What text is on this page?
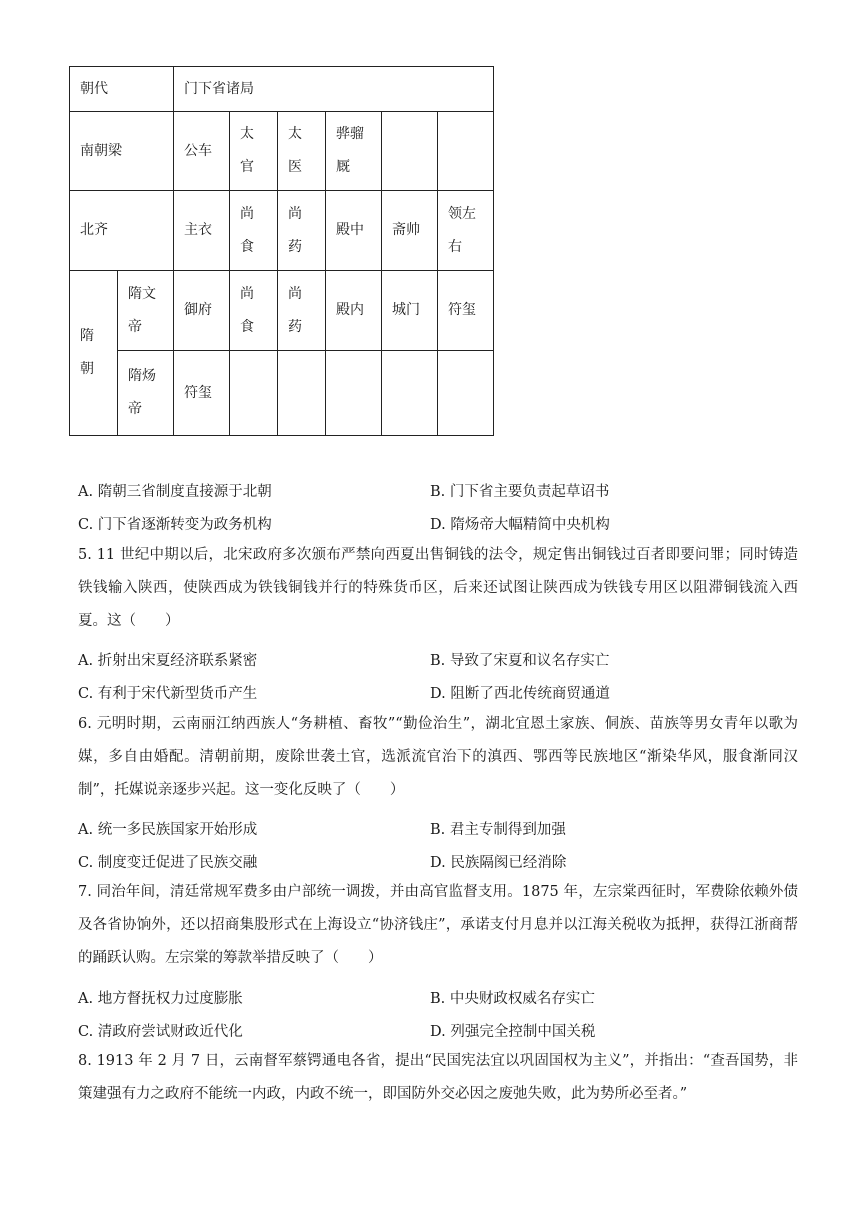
朝代		门下省诸局					
南朝梁		公车	太官	太医	骅骝厩		
北齐		主衣	尚食	尚药	殿中	斋帅	领左右
隋朝	隋文帝	御府	尚食	尚药	殿内	城门	符玺
	隋炀帝	符玺					
A. 隋朝三省制度直接源于北朝	B. 门下省主要负责起草诏书
C. 门下省逐渐转变为政务机构	D. 隋炀帝大幅精简中央机构
5. 11 世纪中期以后，北宋政府多次颁布严禁向西夏出售铜钱的法令，规定售出铜钱过百者即要问罪；同时铸造铁钱输入陕西，使陕西成为铁钱铜钱并行的特殊货币区，后来还试图让陕西成为铁钱专用区以阻滞铜钱流入西夏。这（　　）
A. 折射出宋夏经济联系紧密	B. 导致了宋夏和议名存实亡
C. 有利于宋代新型货币产生	D. 阻断了西北传统商贸通道
6. 元明时期，云南丽江纳西族人“务耕植、畜牧”“勤俭治生”，湖北宜恩土家族、侗族、苗族等男女青年以歌为媒，多自由婚配。清朝前期，废除世袭土官，选派流官治下的滇西、鄂西等民族地区“渐染华风，服食渐同汉制”，托媒说亲逐步兴起。这一变化反映了（　　）
A. 统一多民族国家开始形成	B. 君主专制得到加强
C. 制度变迁促进了民族交融	D. 民族隔阂已经消除
7. 同治年间，清廷常规军费多由户部统一调拨，并由高官监督支用。1875 年，左宗棠西征时，军费除依赖外债及各省协饷外，还以招商集股形式在上海设立“协济钱庄”，承诺支付月息并以江海关税收为抵押，获得江浙商帮的踊跃认购。左宗棠的筹款举措反映了（　　）
A. 地方督抚权力过度膨胀	B. 中央财政权威名存实亡
C. 清政府尝试财政近代化	D. 列强完全控制中国关税
8. 1913 年 2 月 7 日，云南督军蔡锷通电各省，提出“民国宪法宜以巩固国权为主义”，并指出：“查吾国势，非策建强有力之政府不能统一内政，内政不统一，即国防外交必因之废弛失败，此为势所必至者。”
